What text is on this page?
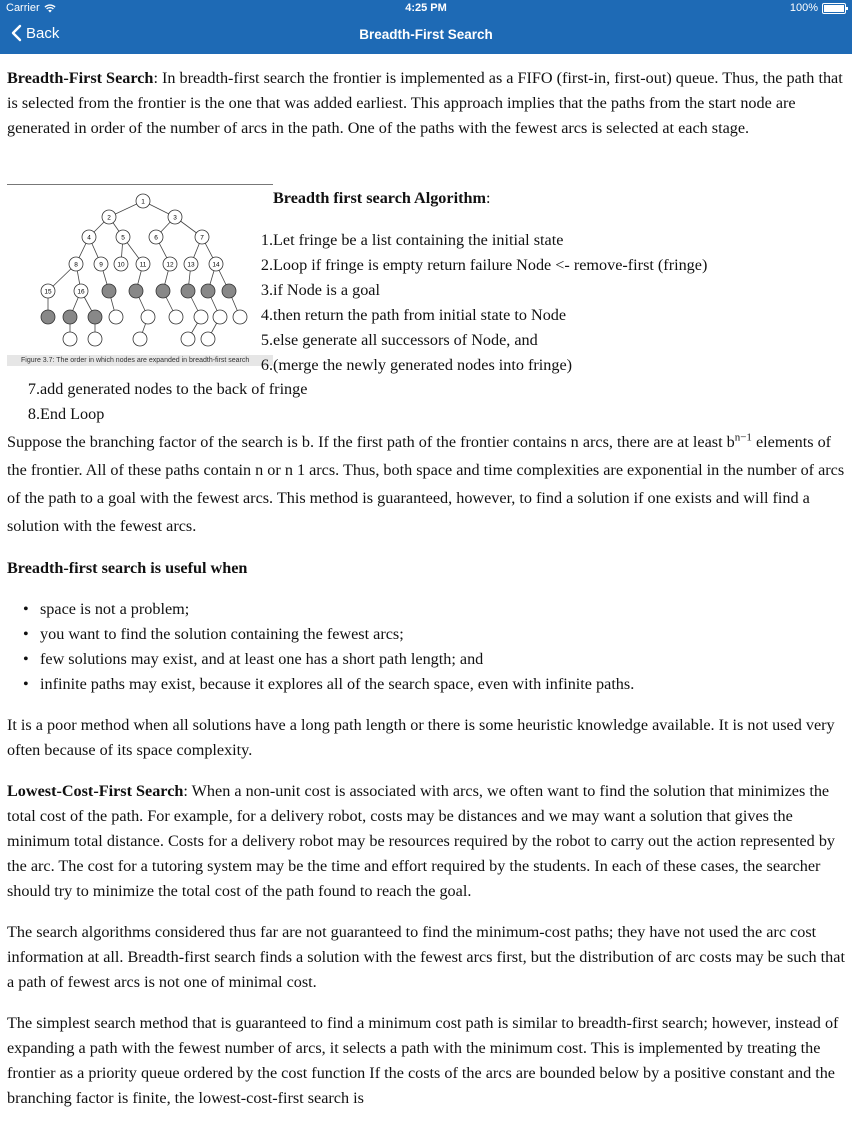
Carrier	4:25 PM	100%
Back	Breadth-First Search

Breadth-First Search: In breadth-first search the frontier is implemented as a FIFO (first-in, first-out) queue. Thus, the path that is selected from the frontier is the one that was added earliest. This approach implies that the paths from the start node are generated in order of the number of arcs in the path. One of the paths with the fewest arcs is selected at each stage.

1
2	3
4	5	6	7
8	9 10 11	12 13	14
15	16
Figure 3.7: The order in which nodes are expanded in breadth-first search
Breadth first search Algorithm:
1. Let fringe be a list containing the initial state
2. Loop if fringe is empty return failure Node <- remove-first (fringe)
3. if Node is a goal
4. then return the path from initial state to Node
5. else generate all successors of Node, and
6. (merge the newly generated nodes into fringe)
7. add generated nodes to the back of fringe
8. End Loop

Suppose the branching factor of the search is b. If the first path of the frontier contains n arcs, there are at least $b^{n-1}$ elements of the frontier. All of these paths contain n or n 1 arcs. Thus, both space and time complexities are exponential in the number of arcs of the path to a goal with the fewest arcs. This method is guaranteed, however, to find a solution if one exists and will find a solution with the fewest arcs.

Breadth-first search is useful when

• space is not a problem;
• you want to find the solution containing the fewest arcs;
• few solutions may exist, and at least one has a short path length; and
• infinite paths may exist, because it explores all of the search space, even with infinite paths.

It is a poor method when all solutions have a long path length or there is some heuristic knowledge available. It is not used very often because of its space complexity.

Lowest-Cost-First Search: When a non-unit cost is associated with arcs, we often want to find the solution that minimizes the total cost of the path. For example, for a delivery robot, costs may be distances and we may want a solution that gives the minimum total distance. Costs for a delivery robot may be resources required by the robot to carry out the action represented by the arc. The cost for a tutoring system may be the time and effort required by the students. In each of these cases, the searcher should try to minimize the total cost of the path found to reach the goal.

The search algorithms considered thus far are not guaranteed to find the minimum-cost paths; they have not used the arc cost information at all. Breadth-first search finds a solution with the fewest arcs first, but the distribution of arc costs may be such that a path of fewest arcs is not one of minimal cost.

The simplest search method that is guaranteed to find a minimum cost path is similar to breadth-first search; however, instead of expanding a path with the fewest number of arcs, it selects a path with the minimum cost. This is implemented by treating the frontier as a priority queue ordered by the cost function If the costs of the arcs are bounded below by a positive constant and the branching factor is finite, the lowest-cost-first search is
